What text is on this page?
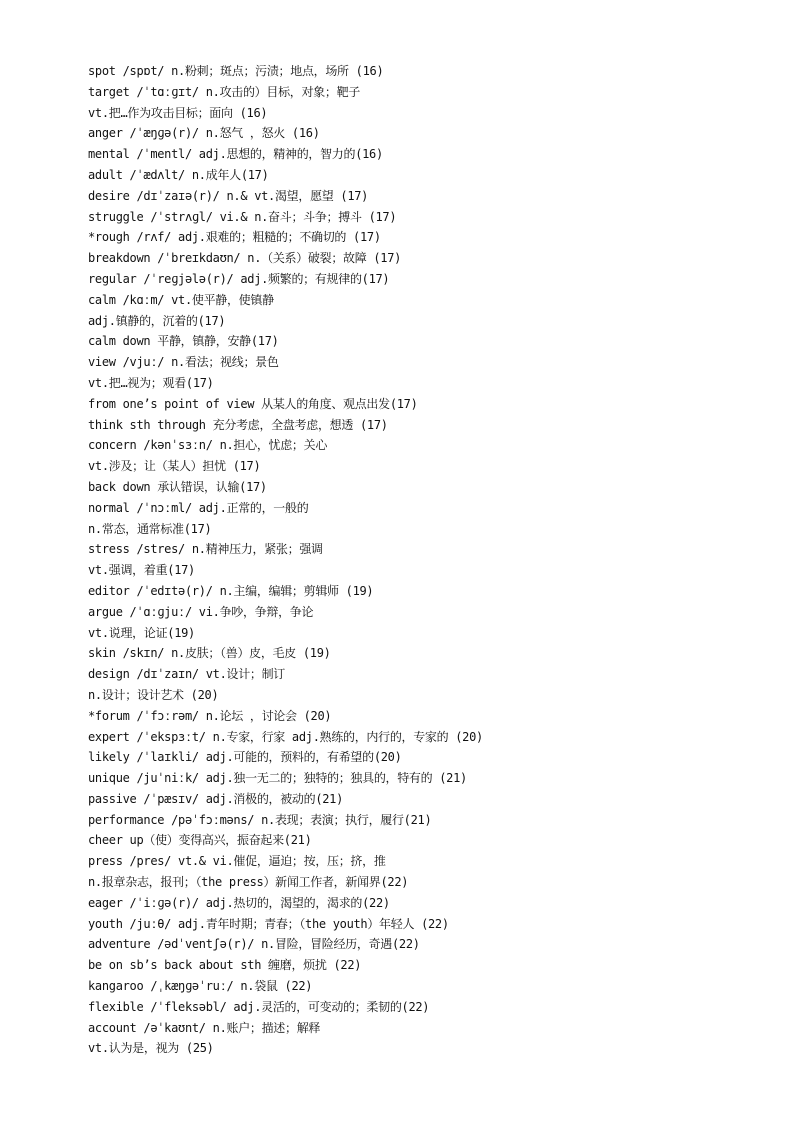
spot /spɒt/ n.粉刺；斑点；污渍；地点，场所 (16)
target /ˈtɑːɡɪt/ n.攻击的）目标，对象；靶子
vt.把…作为攻击目标；面向 (16)
anger /ˈæŋɡə(r)/ n.怒气 ，怒火 (16)
mental /ˈmentl/ adj.思想的，精神的，智力的(16)
adult /ˈædʌlt/ n.成年人(17)
desire /dɪˈzaɪə(r)/ n.& vt.渴望，愿望 (17)
struggle /ˈstrʌɡl/ vi.& n.奋斗；斗争；搏斗 (17)
*rough /rʌf/ adj.艰难的；粗糙的；不确切的 (17)
breakdown /ˈbreɪkdaʊn/ n.（关系）破裂；故障 (17)
regular /ˈreɡjələ(r)/ adj.频繁的；有规律的(17)
calm /kɑːm/ vt.使平静，使镇静
adj.镇静的，沉着的(17)
calm down 平静，镇静，安静(17)
view /vjuː/ n.看法；视线；景色
vt.把…视为；观看(17)
from one’s point of view 从某人的角度、观点出发(17)
think sth through 充分考虑，全盘考虑，想透 (17)
concern /kənˈsɜːn/ n.担心，忧虑；关心
vt.涉及；让（某人）担忧 (17)
back down 承认错误，认输(17)
normal /ˈnɔːml/ adj.正常的，一般的
n.常态，通常标准(17)
stress /stres/ n.精神压力，紧张；强调
vt.强调，着重(17)
editor /ˈedɪtə(r)/ n.主编，编辑；剪辑师 (19)
argue /ˈɑːɡjuː/ vi.争吵，争辩，争论
vt.说理，论证(19)
skin /skɪn/ n.皮肤；（兽）皮，毛皮 (19)
design /dɪˈzaɪn/ vt.设计；制订
n.设计；设计艺术 (20)
*forum /ˈfɔːrəm/ n.论坛 ，讨论会 (20)
expert /ˈekspɜːt/ n.专家，行家 adj.熟练的，内行的，专家的 (20)
likely /ˈlaɪkli/ adj.可能的，预料的，有希望的(20)
unique /juˈniːk/ adj.独一无二的；独特的；独具的，特有的 (21)
passive /ˈpæsɪv/ adj.消极的，被动的(21)
performance /pəˈfɔːməns/ n.表现；表演；执行，履行(21)
cheer up（使）变得高兴，振奋起来(21)
press /pres/ vt.& vi.催促，逼迫；按，压；挤，推
n.报章杂志，报刊；（the press）新闻工作者，新闻界(22)
eager /ˈiːɡə(r)/ adj.热切的，渴望的，渴求的(22)
youth /juːθ/ adj.青年时期；青春；（the youth）年轻人 (22)
adventure /ədˈventʃə(r)/ n.冒险，冒险经历，奇遇(22)
be on sb’s back about sth 缠磨，烦扰 (22)
kangaroo /ˌkæŋɡəˈruː/ n.袋鼠 (22)
flexible /ˈfleksəbl/ adj.灵活的，可变动的；柔韧的(22)
account /əˈkaʊnt/ n.账户；描述；解释
vt.认为是，视为 (25)
